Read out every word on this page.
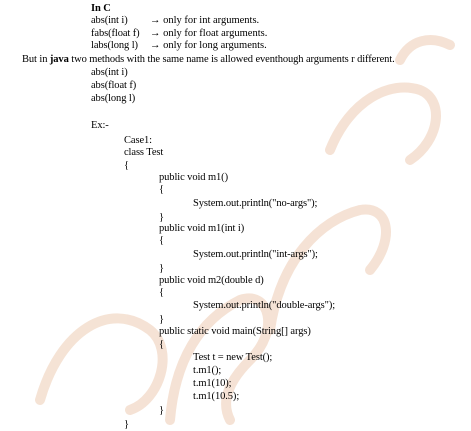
In C
abs(int i) → only for int arguments.
fabs(float f) → only for float arguments.
labs(long l) → only for long arguments.
But in java two methods with the same name is allowed eventhough arguments r different.
abs(int i)
abs(float f)
abs(long l)
Ex:-
Case1:
class Test
{
public void m1()
{
System.out.println("no-args");
}
public void m1(int i)
{
System.out.println("int-args");
}
public void m2(double d)
{
System.out.println("double-args");
}
public static void main(String[] args)
{
Test t = new Test();
t.m1();
t.m1(10);
t.m1(10.5);
}
}
